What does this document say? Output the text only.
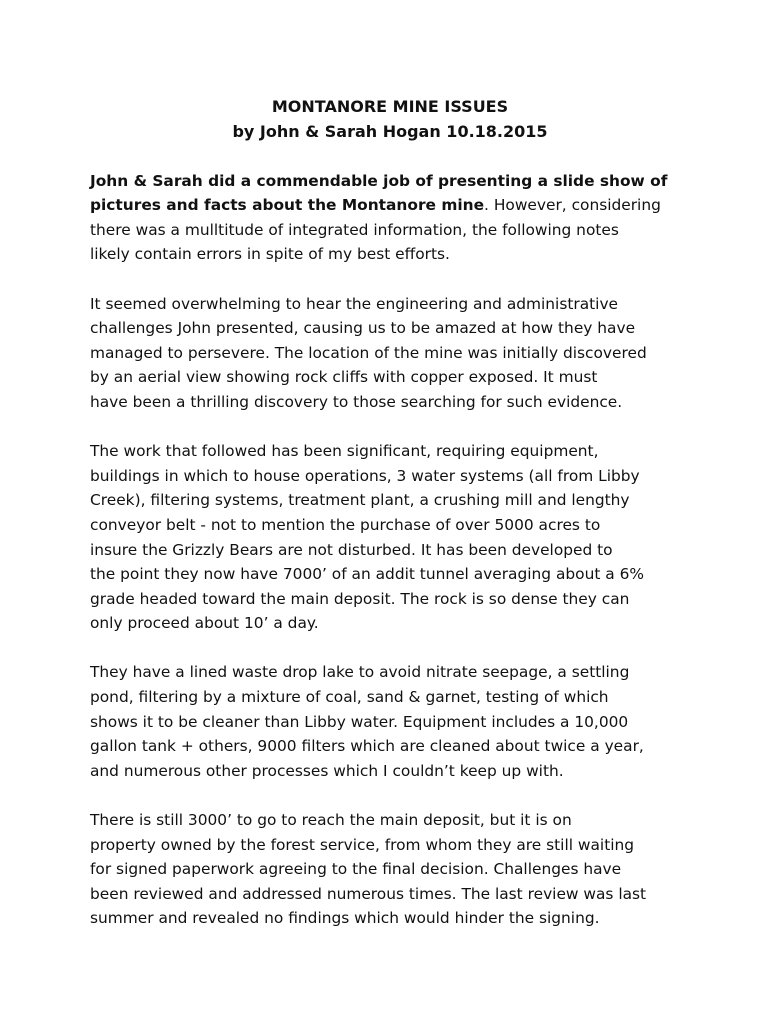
MONTANORE MINE ISSUES
by John & Sarah Hogan 10.18.2015
John & Sarah did a commendable job of presenting a slide show of
pictures and facts about the Montanore mine. However, considering
there was a mulltitude of integrated information, the following notes
likely contain errors in spite of my best efforts.
It seemed overwhelming to hear the engineering and administrative
challenges John presented, causing us to be amazed at how they have
managed to persevere. The location of the mine was initially discovered
by an aerial view showing rock cliffs with copper exposed. It must
have been a thrilling discovery to those searching for such evidence.
The work that followed has been significant, requiring equipment,
buildings in which to house operations, 3 water systems (all from Libby
Creek), filtering systems, treatment plant, a crushing mill and lengthy
conveyor belt - not to mention the purchase of over 5000 acres to
insure the Grizzly Bears are not disturbed. It has been developed to
the point they now have 7000’ of an addit tunnel averaging about a 6%
grade headed toward the main deposit. The rock is so dense they can
only proceed about 10’ a day.
They have a lined waste drop lake to avoid nitrate seepage, a settling
pond, filtering by a mixture of coal, sand & garnet, testing of which
shows it to be cleaner than Libby water. Equipment includes a 10,000
gallon tank + others, 9000 filters which are cleaned about twice a year,
and numerous other processes which I couldn’t keep up with.
There is still 3000’ to go to reach the main deposit, but it is on
property owned by the forest service, from whom they are still waiting
for signed paperwork agreeing to the final decision. Challenges have
been reviewed and addressed numerous times. The last review was last
summer and revealed no findings which would hinder the signing.
